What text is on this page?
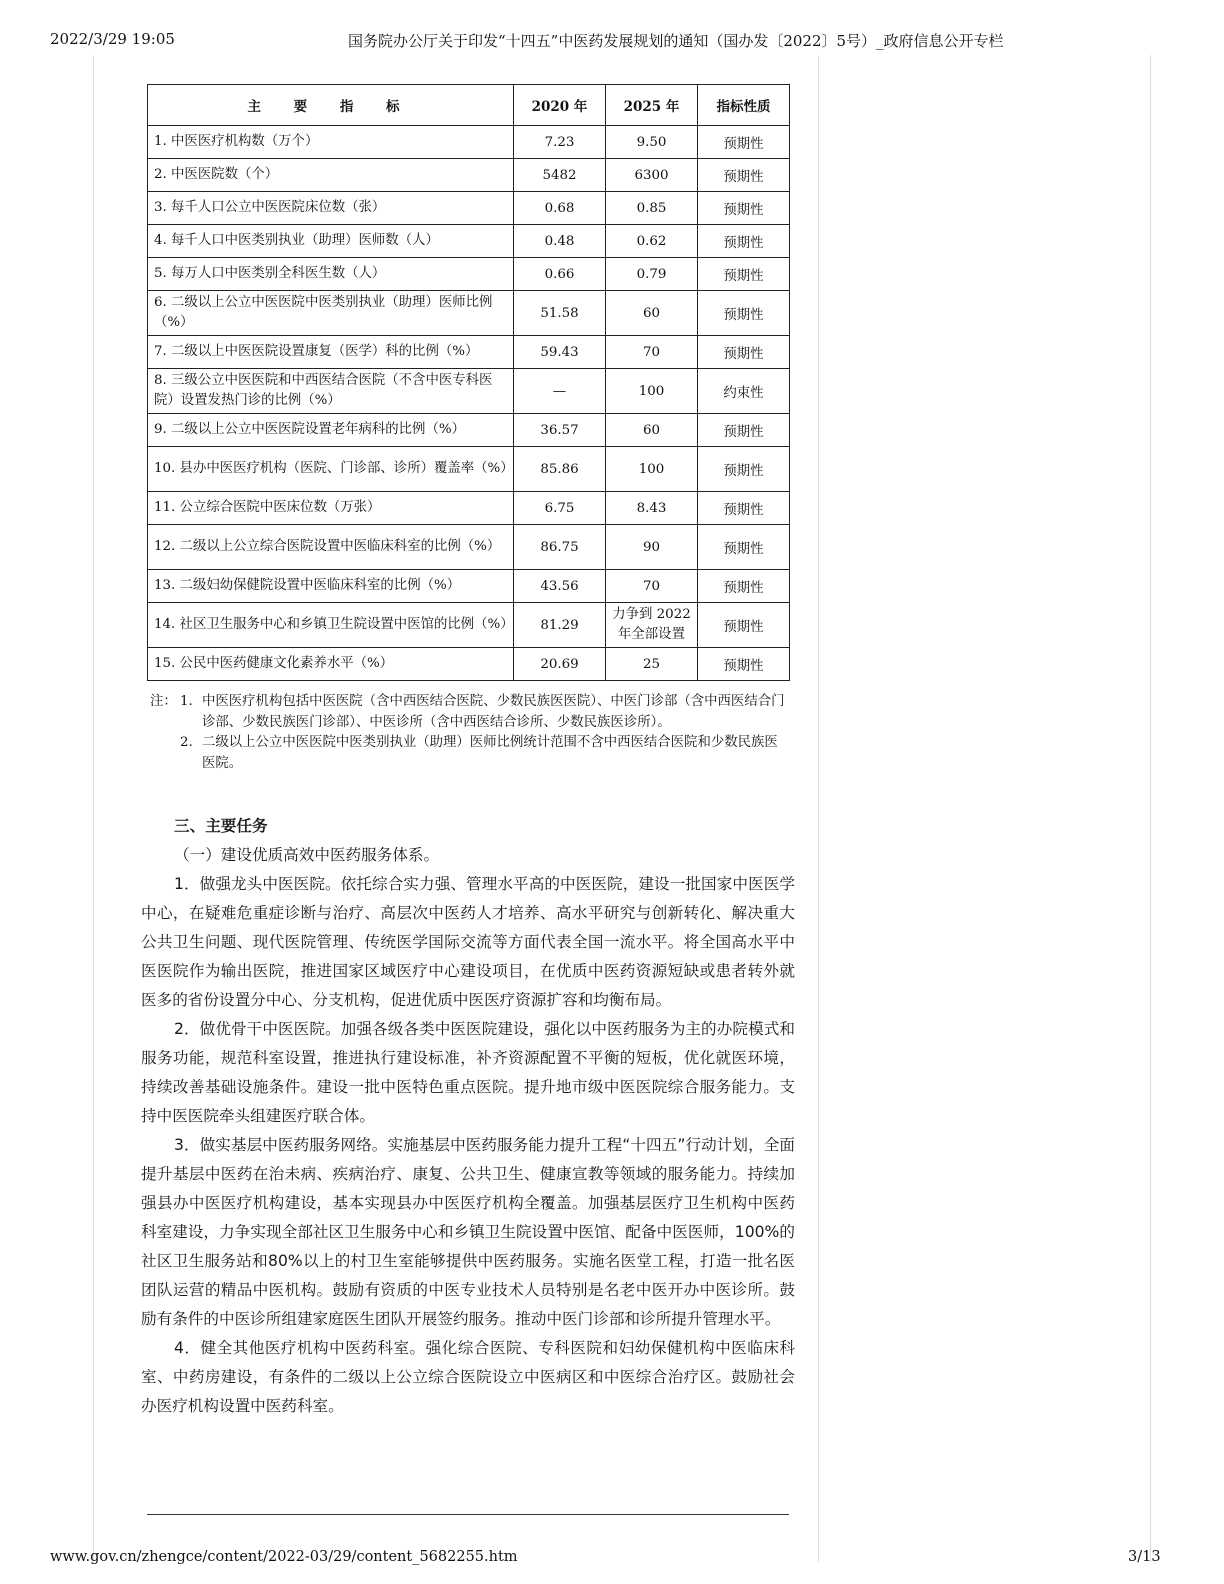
2022/3/29 19:05	国务院办公厅关于印发“十四五”中医药发展规划的通知（国办发〔2022〕5号）_政府信息公开专栏
主 要 指 标	2020 年	2025 年	指标性质
1. 中医医疗机构数（万个）	7.23	9.50	预期性
2. 中医医院数（个）	5482	6300	预期性
3. 每千人口公立中医医院床位数（张）	0.68	0.85	预期性
4. 每千人口中医类别执业（助理）医师数（人）	0.48	0.62	预期性
5. 每万人口中医类别全科医生数（人）	0.66	0.79	预期性
6. 二级以上公立中医医院中医类别执业（助理）医师比例（%）	51.58	60	预期性
7. 二级以上中医医院设置康复（医学）科的比例（%）	59.43	70	预期性
8. 三级公立中医医院和中西医结合医院（不含中医专科医院）设置发热门诊的比例（%）	—	100	约束性
9. 二级以上公立中医医院设置老年病科的比例（%）	36.57	60	预期性
10. 县办中医医疗机构（医院、门诊部、诊所）覆盖率（%）	85.86	100	预期性
11. 公立综合医院中医床位数（万张）	6.75	8.43	预期性
12. 二级以上公立综合医院设置中医临床科室的比例（%）	86.75	90	预期性
13. 二级妇幼保健院设置中医临床科室的比例（%）	43.56	70	预期性
14. 社区卫生服务中心和乡镇卫生院设置中医馆的比例（%）	81.29	力争到 2022 年全部设置	预期性
15. 公民中医药健康文化素养水平（%）	20.69	25	预期性
注： 1. 中医医疗机构包括中医医院（含中西医结合医院、少数民族医医院）、中医门诊部（含中西医结合门诊部、少数民族医门诊部）、中医诊所（含中西医结合诊所、少数民族医诊所）。
2. 二级以上公立中医医院中医类别执业（助理）医师比例统计范围不含中西医结合医院和少数民族医医院。
三、主要任务

（一）建设优质高效中医药服务体系。

1．做强龙头中医医院。依托综合实力强、管理水平高的中医医院，建设一批国家中医医学中心，在疑难危重症诊断与治疗、高层次中医药人才培养、高水平研究与创新转化、解决重大公共卫生问题、现代医院管理、传统医学国际交流等方面代表全国一流水平。将全国高水平中医医院作为输出医院，推进国家区域医疗中心建设项目，在优质中医药资源短缺或患者转外就医多的省份设置分中心、分支机构，促进优质中医医疗资源扩容和均衡布局。

2．做优骨干中医医院。加强各级各类中医医院建设，强化以中医药服务为主的办院模式和服务功能，规范科室设置，推进执行建设标准，补齐资源配置不平衡的短板，优化就医环境，持续改善基础设施条件。建设一批中医特色重点医院。提升地市级中医医院综合服务能力。支持中医医院牵头组建医疗联合体。

3．做实基层中医药服务网络。实施基层中医药服务能力提升工程“十四五”行动计划，全面提升基层中医药在治未病、疾病治疗、康复、公共卫生、健康宣教等领域的服务能力。持续加强县办中医医疗机构建设，基本实现县办中医医疗机构全覆盖。加强基层医疗卫生机构中医药科室建设，力争实现全部社区卫生服务中心和乡镇卫生院设置中医馆、配备中医医师，100%的社区卫生服务站和80%以上的村卫生室能够提供中医药服务。实施名医堂工程，打造一批名医团队运营的精品中医机构。鼓励有资质的中医专业技术人员特别是名老中医开办中医诊所。鼓励有条件的中医诊所组建家庭医生团队开展签约服务。推动中医门诊部和诊所提升管理水平。

4．健全其他医疗机构中医药科室。强化综合医院、专科医院和妇幼保健机构中医临床科室、中药房建设，有条件的二级以上公立综合医院设立中医病区和中医综合治疗区。鼓励社会办医疗机构设置中医药科室。

www.gov.cn/zhengce/content/2022-03/29/content_5682255.htm	3/13
